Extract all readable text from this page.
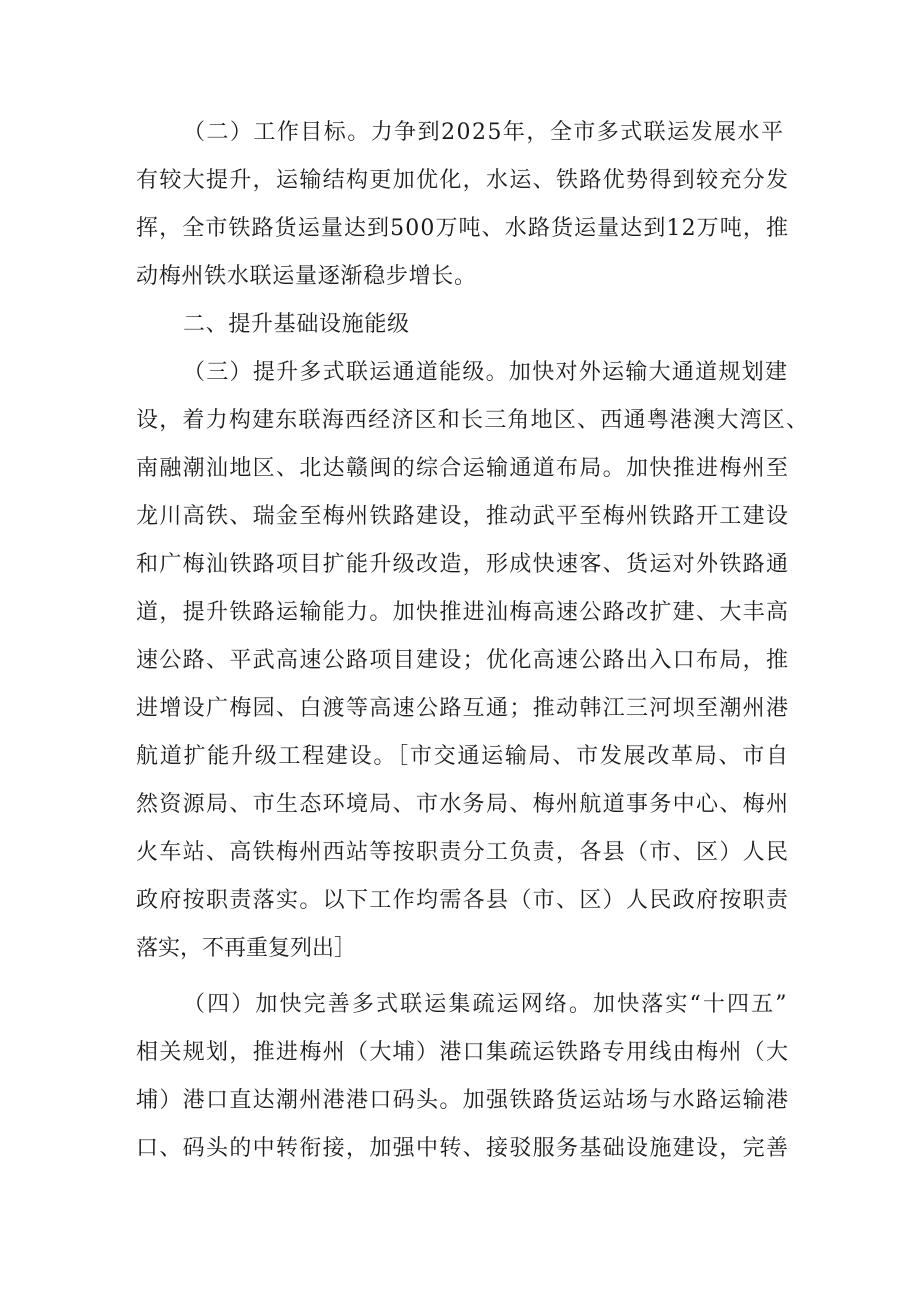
（二）工作目标。力争到2025年，全市多式联运发展水平
有较大提升，运输结构更加优化，水运、铁路优势得到较充分发
挥，全市铁路货运量达到500万吨、水路货运量达到12万吨，推
动梅州铁水联运量逐渐稳步增长。
二、提升基础设施能级
（三）提升多式联运通道能级。加快对外运输大通道规划建
设，着力构建东联海西经济区和长三角地区、西通粤港澳大湾区、
南融潮汕地区、北达赣闽的综合运输通道布局。加快推进梅州至
龙川高铁、瑞金至梅州铁路建设，推动武平至梅州铁路开工建设
和广梅汕铁路项目扩能升级改造，形成快速客、货运对外铁路通
道，提升铁路运输能力。加快推进汕梅高速公路改扩建、大丰高
速公路、平武高速公路项目建设；优化高速公路出入口布局，推
进增设广梅园、白渡等高速公路互通；推动韩江三河坝至潮州港
航道扩能升级工程建设。［市交通运输局、市发展改革局、市自
然资源局、市生态环境局、市水务局、梅州航道事务中心、梅州
火车站、高铁梅州西站等按职责分工负责，各县（市、区）人民
政府按职责落实。以下工作均需各县（市、区）人民政府按职责
落实，不再重复列出］
（四）加快完善多式联运集疏运网络。加快落实“十四五”
相关规划，推进梅州（大埔）港口集疏运铁路专用线由梅州（大
埔）港口直达潮州港港口码头。加强铁路货运站场与水路运输港
口、码头的中转衔接，加强中转、接驳服务基础设施建设，完善
